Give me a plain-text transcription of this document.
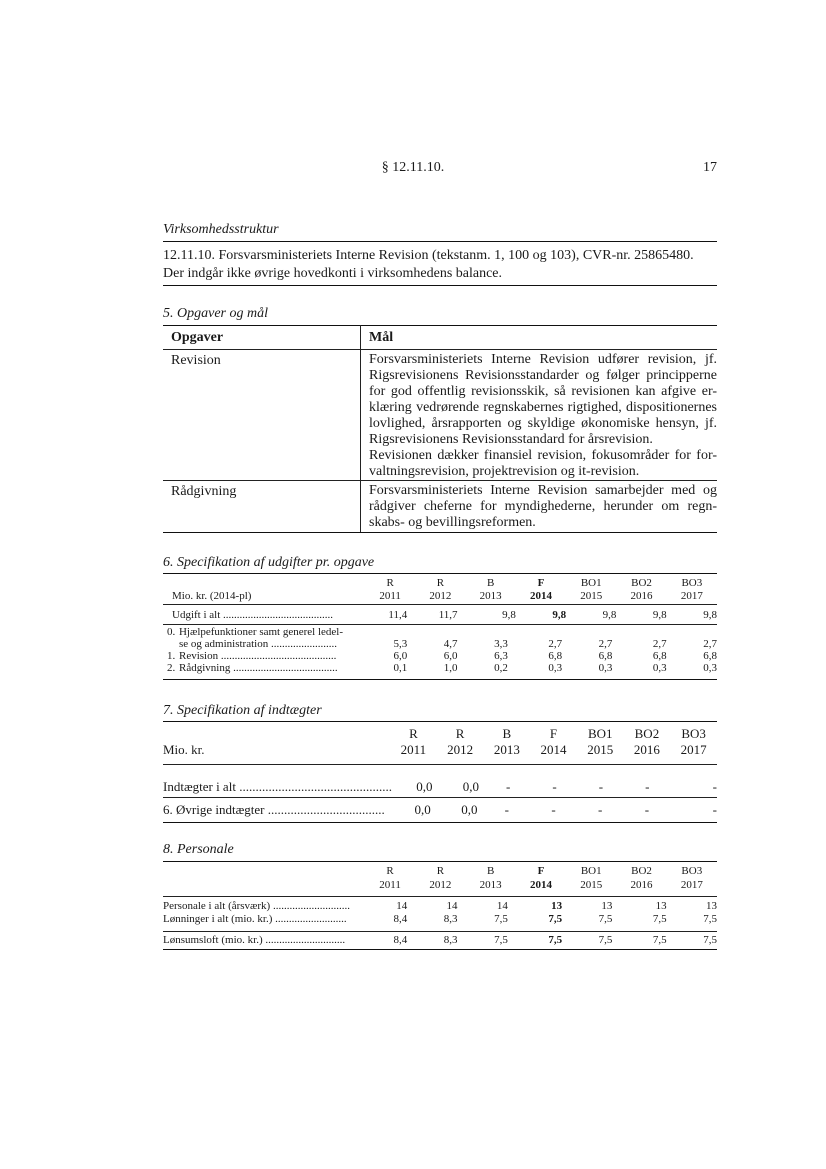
§ 12.11.10.	17
Virksomhedsstruktur
12.11.10. Forsvarsministeriets Interne Revision (tekstanm. 1, 100 og 103), CVR-nr. 25865480.
Der indgår ikke øvrige hovedkonti i virksomhedens balance.
5. Opgaver og mål
Opgaver	Mål
Revision	Forsvarsministeriets Interne Revision udfører revision, jf.
Rigsrevisionens Revisionsstandarder og følger principperne
for god offentlig revisionsskik, så revisionen kan afgive er-
klæring vedrørende regnskabernes rigtighed, dispositionernes
lovlighed, årsrapporten og skyldige økonomiske hensyn, jf.
Rigsrevisionens Revisionsstandard for årsrevision.
Revisionen dækker finansiel revision, fokusområder for for-
valtningsrevision, projektrevision og it-revision.
Rådgivning	Forsvarsministeriets Interne Revision samarbejder med og
rådgiver cheferne for myndighederne, herunder om regn-
skabs- og bevillingsreformen.
6. Specifikation af udgifter pr. opgave
	R	R	B	F	BO1	BO2	BO3
Mio. kr. (2014-pl)	2011	2012	2013	2014	2015	2016	2017
Udgift i alt ........................................	11,4	11,7	9,8	9,8	9,8	9,8	9,8
0.	Hjælpefunktioner samt generel ledel-							
	se og administration ........................	5,3	4,7	3,3	2,7	2,7	2,7	2,7
1.	Revision ..........................................	6,0	6,0	6,3	6,8	6,8	6,8	6,8
2.	Rådgivning ......................................	0,1	1,0	0,2	0,3	0,3	0,3	0,3
7. Specifikation af indtægter
	R	R	B	F	BO1	BO2	BO3
Mio. kr.	2011	2012	2013	2014	2015	2016	2017
Indtægter i alt ...............................................	0,0	0,0	-	-	-	-	-
6. Øvrige indtægter ....................................	0,0	0,0	-	-	-	-	-
8. Personale
	R	R	B	F	BO1	BO2	BO3
	2011	2012	2013	2014	2015	2016	2017
Personale i alt (årsværk) ............................	14	14	14	13	13	13	13
Lønninger i alt (mio. kr.) ..........................	8,4	8,3	7,5	7,5	7,5	7,5	7,5
Lønsumsloft (mio. kr.) .............................	8,4	8,3	7,5	7,5	7,5	7,5	7,5
